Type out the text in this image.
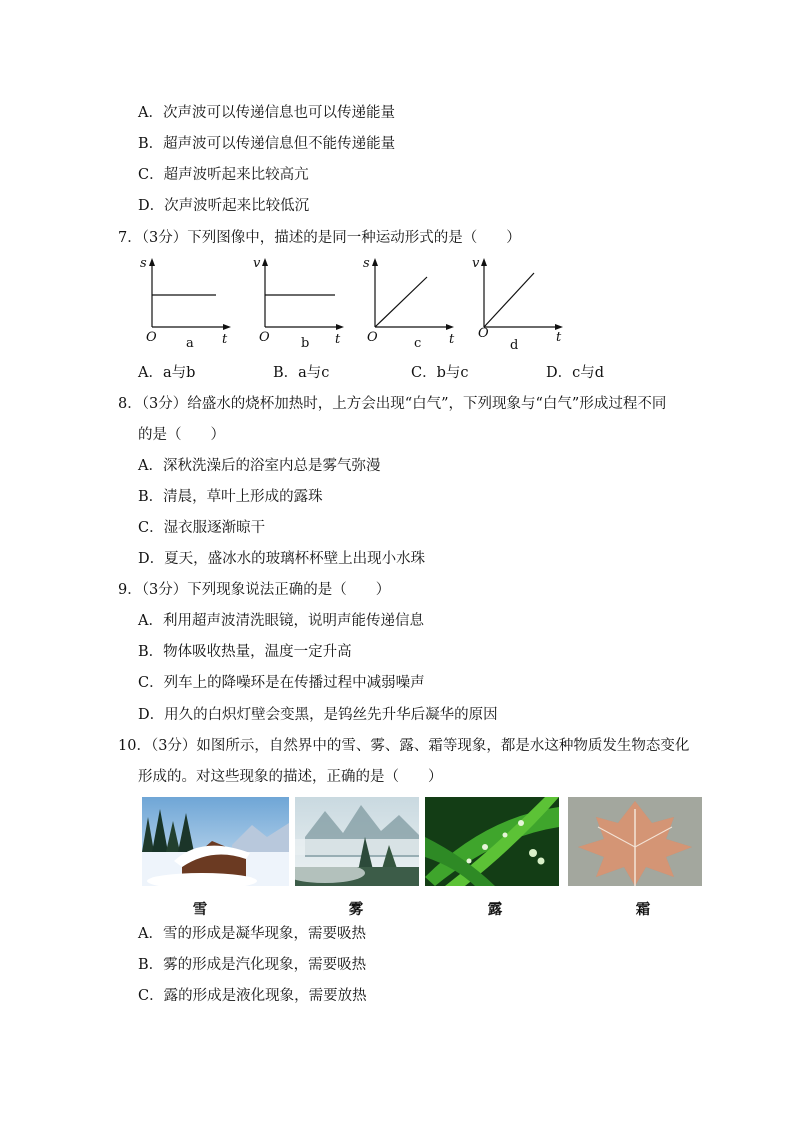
A．次声波可以传递信息也可以传递能量
B．超声波可以传递信息但不能传递能量
C．超声波听起来比较高亢
D．次声波听起来比较低沉
7．（3分）下列图像中，描述的是同一种运动形式的是（　　）
s
O	t
a
v
O	t
b
s
O	t
c
v
O	t
d
A．a与b	B．a与c	C．b与c	D．c与d
8．（3分）给盛水的烧杯加热时，上方会出现“白气”，下列现象与“白气”形成过程不同
的是（　　）
A．深秋洗澡后的浴室内总是雾气弥漫
B．清晨，草叶上形成的露珠
C．湿衣服逐渐晾干
D．夏天，盛冰水的玻璃杯杯壁上出现小水珠
9．（3分）下列现象说法正确的是（　　）
A．利用超声波清洗眼镜，说明声能传递信息
B．物体吸收热量，温度一定升高
C．列车上的降噪环是在传播过程中减弱噪声
D．用久的白炽灯壁会变黑，是钨丝先升华后凝华的原因
10．（3分）如图所示，自然界中的雪、雾、露、霜等现象，都是水这种物质发生物态变化
形成的。对这些现象的描述，正确的是（　　）
雪	雾	露	霜
A．雪的形成是凝华现象，需要吸热
B．雾的形成是汽化现象，需要吸热
C．露的形成是液化现象，需要放热
